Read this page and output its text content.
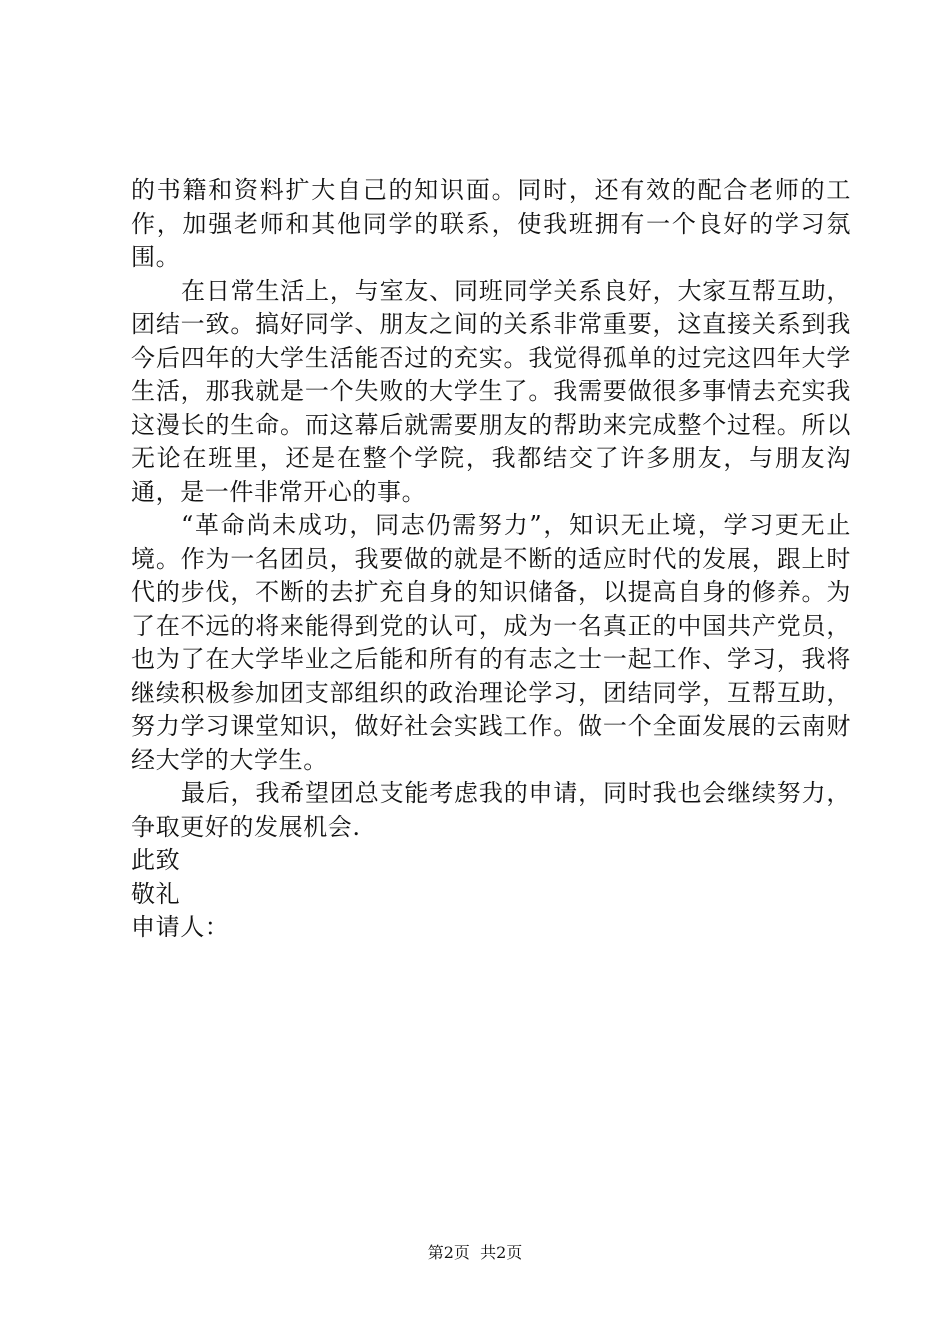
的书籍和资料扩大自己的知识面。同时，还有效的配合老师的工作，加强老师和其他同学的联系，使我班拥有一个良好的学习氛围。

在日常生活上，与室友、同班同学关系良好，大家互帮互助，团结一致。搞好同学、朋友之间的关系非常重要，这直接关系到我今后四年的大学生活能否过的充实。我觉得孤单的过完这四年大学生活，那我就是一个失败的大学生了。我需要做很多事情去充实我这漫长的生命。而这幕后就需要朋友的帮助来完成整个过程。所以无论在班里，还是在整个学院，我都结交了许多朋友，与朋友沟通，是一件非常开心的事。

“革命尚未成功，同志仍需努力”，知识无止境，学习更无止境。作为一名团员，我要做的就是不断的适应时代的发展，跟上时代的步伐，不断的去扩充自身的知识储备，以提高自身的修养。为了在不远的将来能得到党的认可，成为一名真正的中国共产党员，也为了在大学毕业之后能和所有的有志之士一起工作、学习，我将继续积极参加团支部组织的政治理论学习，团结同学，互帮互助，努力学习课堂知识，做好社会实践工作。做一个全面发展的云南财经大学的大学生。

最后，我希望团总支能考虑我的申请，同时我也会继续努力，争取更好的发展机会.

此致

敬礼

申请人：

第2页  共2页
